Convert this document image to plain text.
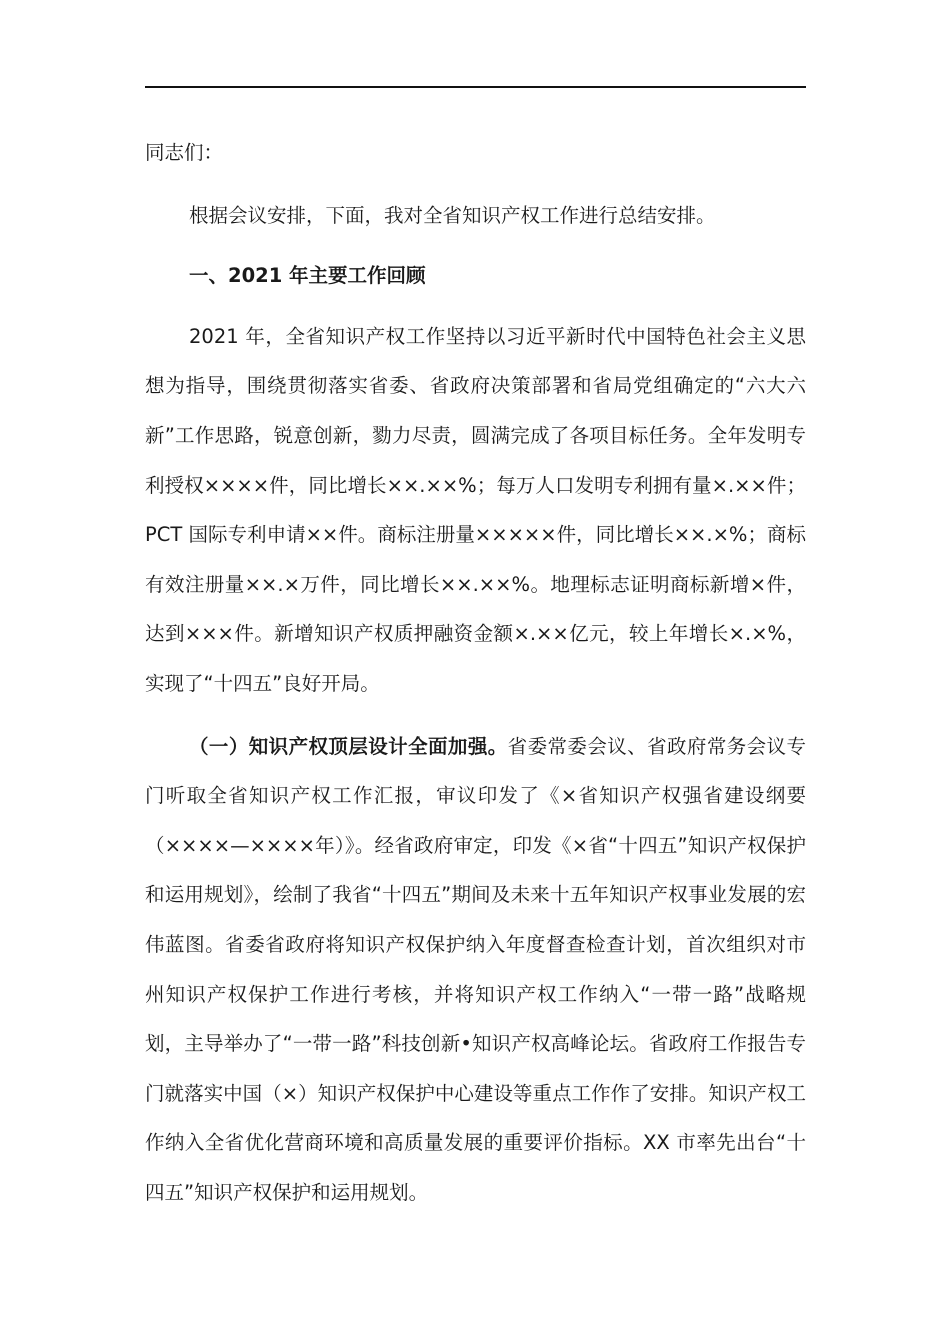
同志们：

根据会议安排，下面，我对全省知识产权工作进行总结安排。

一、2021 年主要工作回顾

2021 年，全省知识产权工作坚持以习近平新时代中国特色社会主义思想为指导，围绕贯彻落实省委、省政府决策部署和省局党组确定的“六大六新”工作思路，锐意创新，勠力尽责，圆满完成了各项目标任务。全年发明专利授权××××件，同比增长××.××%；每万人口发明专利拥有量×.××件；PCT 国际专利申请××件。商标注册量×××××件，同比增长××.×%；商标有效注册量××.×万件，同比增长××.××%。地理标志证明商标新增×件，达到×××件。新增知识产权质押融资金额×.××亿元，较上年增长×.×%，实现了“十四五”良好开局。

（一）知识产权顶层设计全面加强。省委常委会议、省政府常务会议专门听取全省知识产权工作汇报，审议印发了《×省知识产权强省建设纲要（××××—××××年）》。经省政府审定，印发《×省“十四五”知识产权保护和运用规划》，绘制了我省“十四五”期间及未来十五年知识产权事业发展的宏伟蓝图。省委省政府将知识产权保护纳入年度督查检查计划，首次组织对市州知识产权保护工作进行考核，并将知识产权工作纳入“一带一路”战略规划，主导举办了“一带一路”科技创新•知识产权高峰论坛。省政府工作报告专门就落实中国（×）知识产权保护中心建设等重点工作作了安排。知识产权工作纳入全省优化营商环境和高质量发展的重要评价指标。XX 市率先出台“十四五”知识产权保护和运用规划。
